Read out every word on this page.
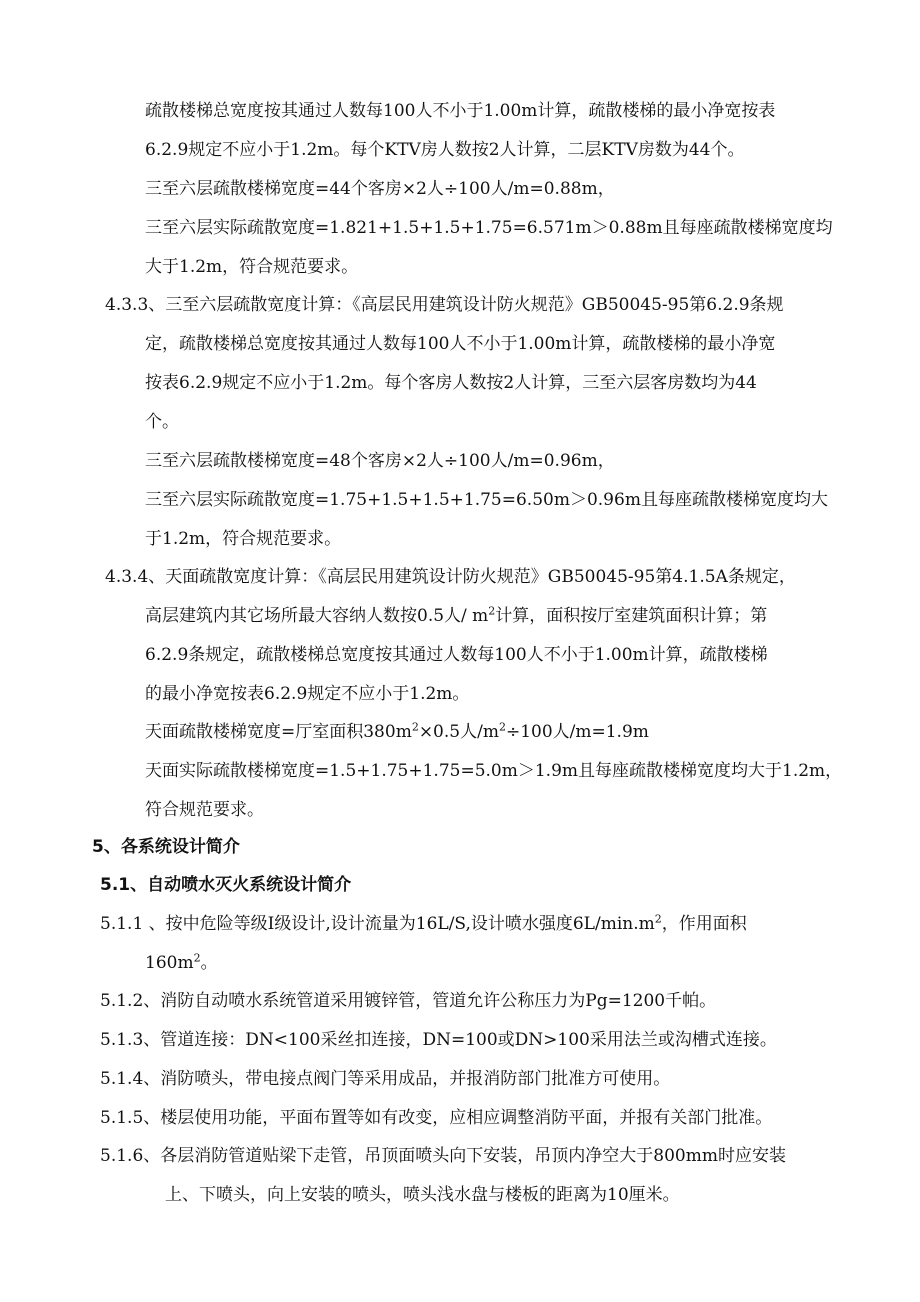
疏散楼梯总宽度按其通过人数每100人不小于1.00m计算，疏散楼梯的最小净宽按表
6.2.9规定不应小于1.2m。每个KTV房人数按2人计算，二层KTV房数为44个。
三至六层疏散楼梯宽度=44个客房×2人÷100人/m=0.88m，
三至六层实际疏散宽度=1.821+1.5+1.5+1.75=6.571m＞0.88m且每座疏散楼梯宽度均
大于1.2m，符合规范要求。
4.3.3、三至六层疏散宽度计算：《高层民用建筑设计防火规范》GB50045-95第6.2.9条规
定，疏散楼梯总宽度按其通过人数每100人不小于1.00m计算，疏散楼梯的最小净宽
按表6.2.9规定不应小于1.2m。每个客房人数按2人计算，三至六层客房数均为44
个。
三至六层疏散楼梯宽度=48个客房×2人÷100人/m=0.96m，
三至六层实际疏散宽度=1.75+1.5+1.5+1.75=6.50m＞0.96m且每座疏散楼梯宽度均大
于1.2m，符合规范要求。
4.3.4、天面疏散宽度计算：《高层民用建筑设计防火规范》GB50045-95第4.1.5A条规定，
高层建筑内其它场所最大容纳人数按0.5人/ $m^2$计算，面积按厅室建筑面积计算；第
6.2.9条规定，疏散楼梯总宽度按其通过人数每100人不小于1.00m计算，疏散楼梯
的最小净宽按表6.2.9规定不应小于1.2m。
天面疏散楼梯宽度=厅室面积$380m^2\times 0.5$人$/m^2\div 100$人/m=1.9m
天面实际疏散楼梯宽度=1.5+1.75+1.75=5.0m＞1.9m且每座疏散楼梯宽度均大于1.2m，
符合规范要求。
5、各系统设计简介
5.1、自动喷水灭火系统设计简介
5.1.1 、按中危险等级Ⅰ级设计,设计流量为16L/S,设计喷水强度$6L/\min.m^2$，作用面积
$160m^2$。
5.1.2、消防自动喷水系统管道采用镀锌管，管道允许公称压力为Pg=1200千帕。
5.1.3、管道连接：DN<100采丝扣连接，DN=100或DN>100采用法兰或沟槽式连接。
5.1.4、消防喷头，带电接点阀门等采用成品，并报消防部门批准方可使用。
5.1.5、楼层使用功能，平面布置等如有改变，应相应调整消防平面，并报有关部门批准。
5.1.6、各层消防管道贴梁下走管，吊顶面喷头向下安装，吊顶内净空大于800mm时应安装
上、下喷头，向上安装的喷头，喷头浅水盘与楼板的距离为10厘米。
